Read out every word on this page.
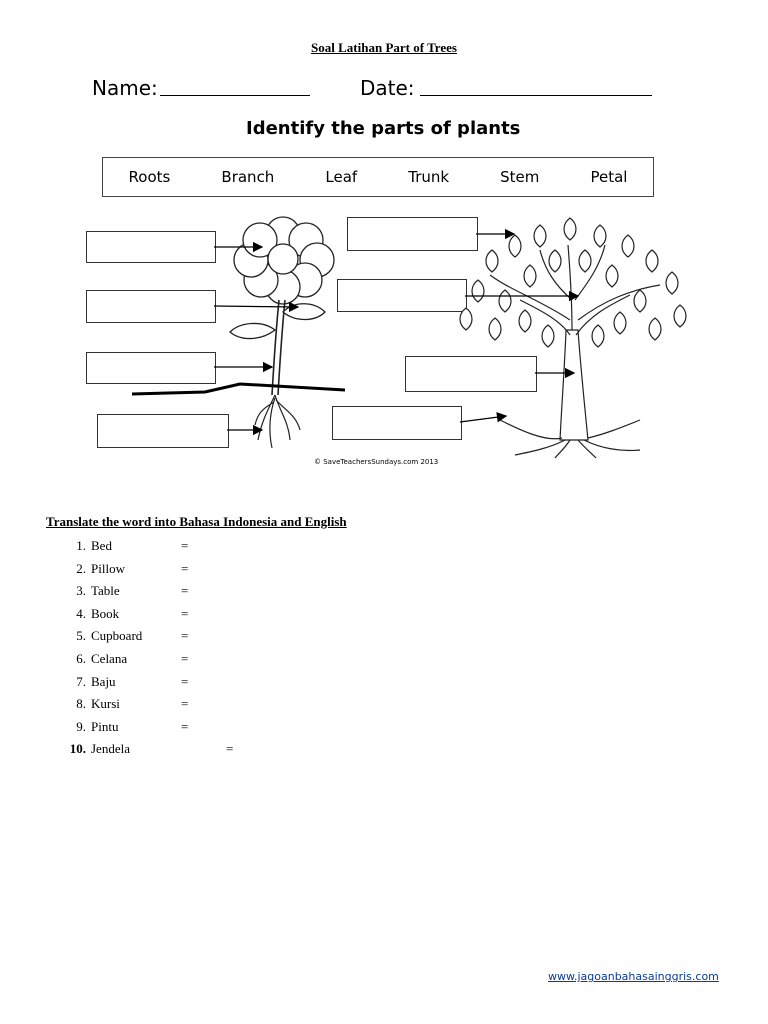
Soal Latihan Part of Trees
Name:	Date:
Identify the parts of plants
Roots	Branch	Leaf	Trunk	Stem	Petal
© SaveTeachersSundays.com 2013
Translate the word into Bahasa Indonesia and English
1. Bed	=
2. Pillow	=
3. Table	=
4. Book	=
5. Cupboard	=
6. Celana	=
7. Baju	=
8. Kursi	=
9. Pintu	=
10. Jendela	=
www.jagoanbahasainggris.com
